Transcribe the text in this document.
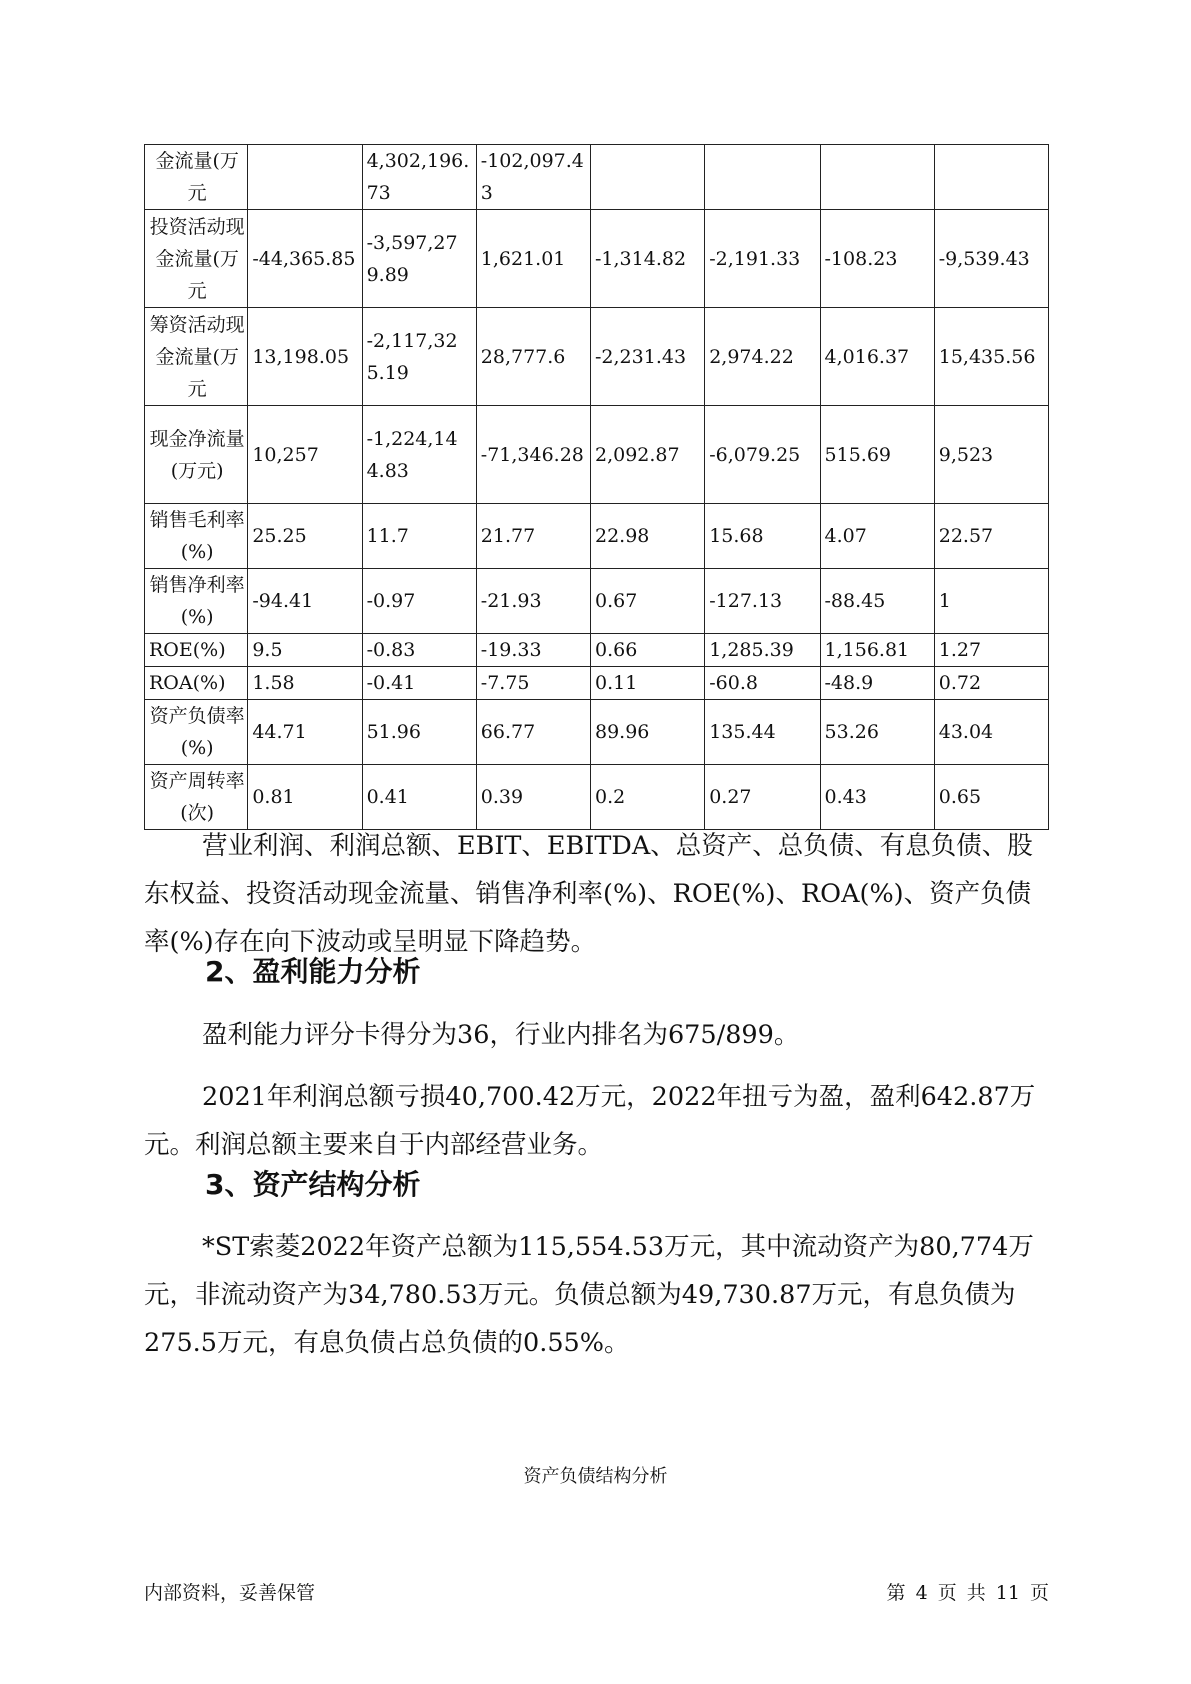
金流量(万元		4,302,196.73	-102,097.43				
投资活动现金流量(万元	-44,365.85	-3,597,279.89	1,621.01	-1,314.82	-2,191.33	-108.23	-9,539.43
筹资活动现金流量(万元	13,198.05	-2,117,325.19	28,777.6	-2,231.43	2,974.22	4,016.37	15,435.56
现金净流量(万元)	10,257	-1,224,144.83	-71,346.28	2,092.87	-6,079.25	515.69	9,523
销售毛利率(%)	25.25	11.7	21.77	22.98	15.68	4.07	22.57
销售净利率(%)	-94.41	-0.97	-21.93	0.67	-127.13	-88.45	1
ROE(%)	9.5	-0.83	-19.33	0.66	1,285.39	1,156.81	1.27
ROA(%)	1.58	-0.41	-7.75	0.11	-60.8	-48.9	0.72
资产负债率(%)	44.71	51.96	66.77	89.96	135.44	53.26	43.04
资产周转率(次)	0.81	0.41	0.39	0.2	0.27	0.43	0.65

营业利润、利润总额、EBIT、EBITDA、总资产、总负债、有息负债、股东权益、投资活动现金流量、销售净利率(%)、ROE(%)、ROA(%)、资产负债率(%)存在向下波动或呈明显下降趋势。

2、盈利能力分析

盈利能力评分卡得分为36，行业内排名为675/899。

2021年利润总额亏损40,700.42万元，2022年扭亏为盈，盈利642.87万元。利润总额主要来自于内部经营业务。

3、资产结构分析

*ST索菱2022年资产总额为115,554.53万元，其中流动资产为80,774万元，非流动资产为34,780.53万元。负债总额为49,730.87万元，有息负债为275.5万元，有息负债占总负债的0.55%。

资产负债结构分析

内部资料，妥善保管	第 4 页 共 11 页
